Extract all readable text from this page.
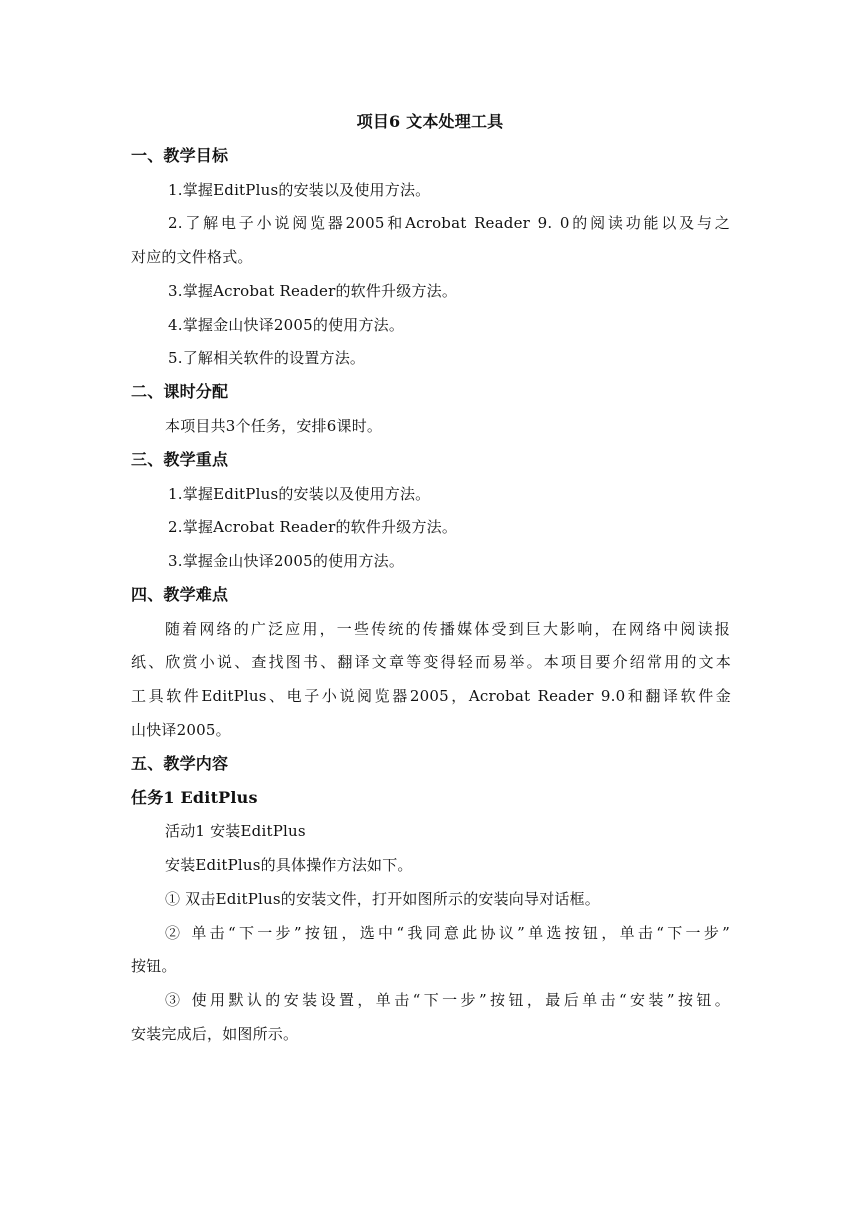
项目6 文本处理工具
一、教学目标
1.掌握EditPlus的安装以及使用方法。
2.了解电子小说阅览器2005和Acrobat Reader 9. 0的阅读功能以及与之
对应的文件格式。
3.掌握Acrobat Reader的软件升级方法。
4.掌握金山快译2005的使用方法。
5.了解相关软件的设置方法。
二、课时分配
本项目共3个任务，安排6课时。
三、教学重点
1.掌握EditPlus的安装以及使用方法。
2.掌握Acrobat Reader的软件升级方法。
3.掌握金山快译2005的使用方法。
四、教学难点
随着网络的广泛应用，一些传统的传播媒体受到巨大影响，在网络中阅读报
纸、欣赏小说、查找图书、翻译文章等变得轻而易举。本项目要介绍常用的文本
工具软件EditPlus、电子小说阅览器2005，Acrobat Reader 9.0和翻译软件金
山快译2005。
五、教学内容
任务1 EditPlus
活动1 安装EditPlus
安装EditPlus的具体操作方法如下。
① 双击EditPlus的安装文件，打开如图所示的安装向导对话框。
② 单击“下一步”按钮，选中“我同意此协议”单选按钮，单击“下一步”
按钮。
③ 使用默认的安装设置，单击“下一步”按钮，最后单击“安装”按钮。
安装完成后，如图所示。
